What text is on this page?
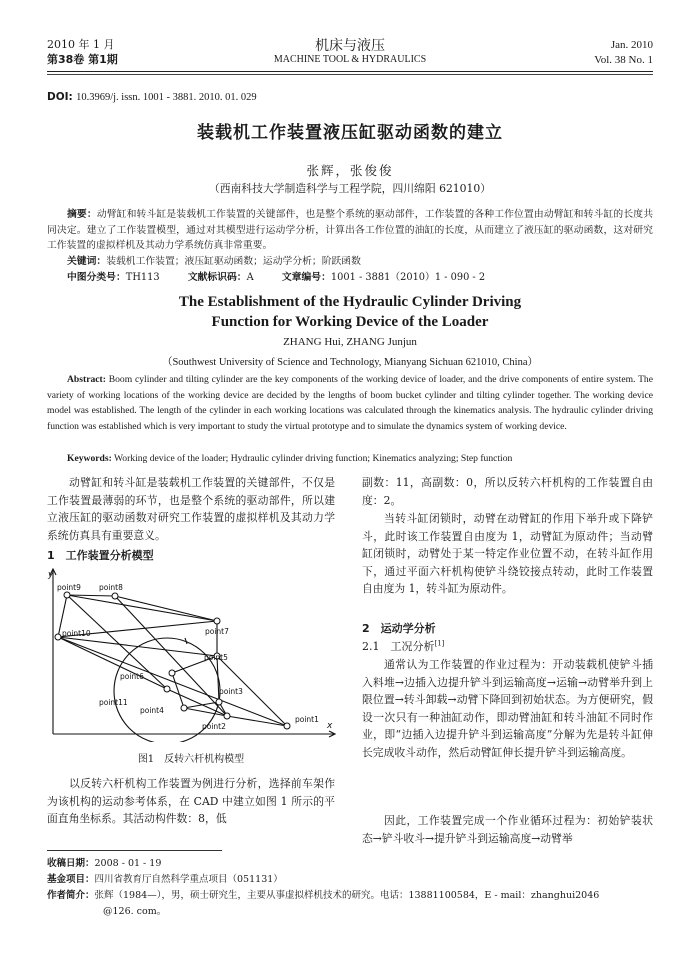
2010 年 1 月
第38卷 第1期
机床与液压
MACHINE TOOL & HYDRAULICS
Jan. 2010
Vol. 38 No. 1
DOI: 10.3969/j. issn. 1001 - 3881. 2010. 01. 029
装载机工作装置液压缸驱动函数的建立
张辉，张俊俊
（西南科技大学制造科学与工程学院，四川绵阳 621010）
摘要：动臂缸和转斗缸是装载机工作装置的关键部件，也是整个系统的驱动部件，工作装置的各种工作位置由动臂缸和转斗缸的长度共同决定。建立了工作装置模型，通过对其模型进行运动学分析，计算出各工作位置的油缸的长度，从而建立了液压缸的驱动函数，这对研究工作装置的虚拟样机及其动力学系统仿真非常重要。
关键词：装载机工作装置；液压缸驱动函数；运动学分析；阶跃函数
中图分类号：TH113	文献标识码：A	文章编号：1001 - 3881（2010）1 - 090 - 2
The Establishment of the Hydraulic Cylinder Driving
Function for Working Device of the Loader
ZHANG Hui, ZHANG Junjun
（Southwest University of Science and Technology, Mianyang Sichuan 621010, China）
Abstract: Boom cylinder and tilting cylinder are the key components of the working device of loader, and the drive components of entire system. The variety of working locations of the working device are decided by the lengths of boom bucket cylinder and tilting cylinder together. The working device model was established. The length of the cylinder in each working locations was calculated through the kinematics analysis. The hydraulic cylinder driving function was established which is very important to study the virtual prototype and to simulate the dynamics system of working device.
Keywords: Working device of the loader; Hydraulic cylinder driving function; Kinematics analyzing; Step function
动臂缸和转斗缸是装载机工作装置的关键部件，不仅是工作装置最薄弱的环节，也是整个系统的驱动部件，所以建立液压缸的驱动函数对研究工作装置的虚拟样机及其动力学系统仿真具有重要意义。
1　工作装置分析模型
y
x
point9 point8
point7
point10
point5
point6
point3
point11
point4
point2
point1
图1　反转六杆机构模型
以反转六杆机构工作装置为例进行分析，选择前车架作为该机构的运动参考体系，在 CAD 中建立如图 1 所示的平面直角坐标系。其活动构件数：8，低
副数：11，高副数：0，所以反转六杆机构的工作装置自由度：2。
当转斗缸闭锁时，动臂在动臂缸的作用下举升或下降铲斗，此时该工作装置自由度为 1，动臂缸为原动件；当动臂缸闭锁时，动臂处于某一特定作业位置不动，在转斗缸作用下，通过平面六杆机构使铲斗绕铰接点转动，此时工作装置自由度为 1，转斗缸为原动件。
2　运动学分析
2.1　工况分析[1]
通常认为工作装置的作业过程为：开动装载机使铲斗插入料堆→边插入边提升铲斗到运输高度→运输→动臂举升到上限位置→转斗卸载→动臂下降回到初始状态。为方便研究，假设一次只有一种油缸动作，即动臂油缸和转斗油缸不同时作业，即“边插入边提升铲斗到运输高度”分解为先是转斗缸伸长完成收斗动作，然后动臂缸伸长提升铲斗到运输高度。
因此，工作装置完成一个作业循环过程为：初始铲装状态→铲斗收斗→提升铲斗到运输高度→动臂举
收稿日期：2008 - 01 - 19
基金项目：四川省教育厅自然科学重点项目（051131）
作者简介：张辉（1984—），男，硕士研究生，主要从事虚拟样机技术的研究。电话：13881100584，E - mail：zhanghui2046
@126. com。
